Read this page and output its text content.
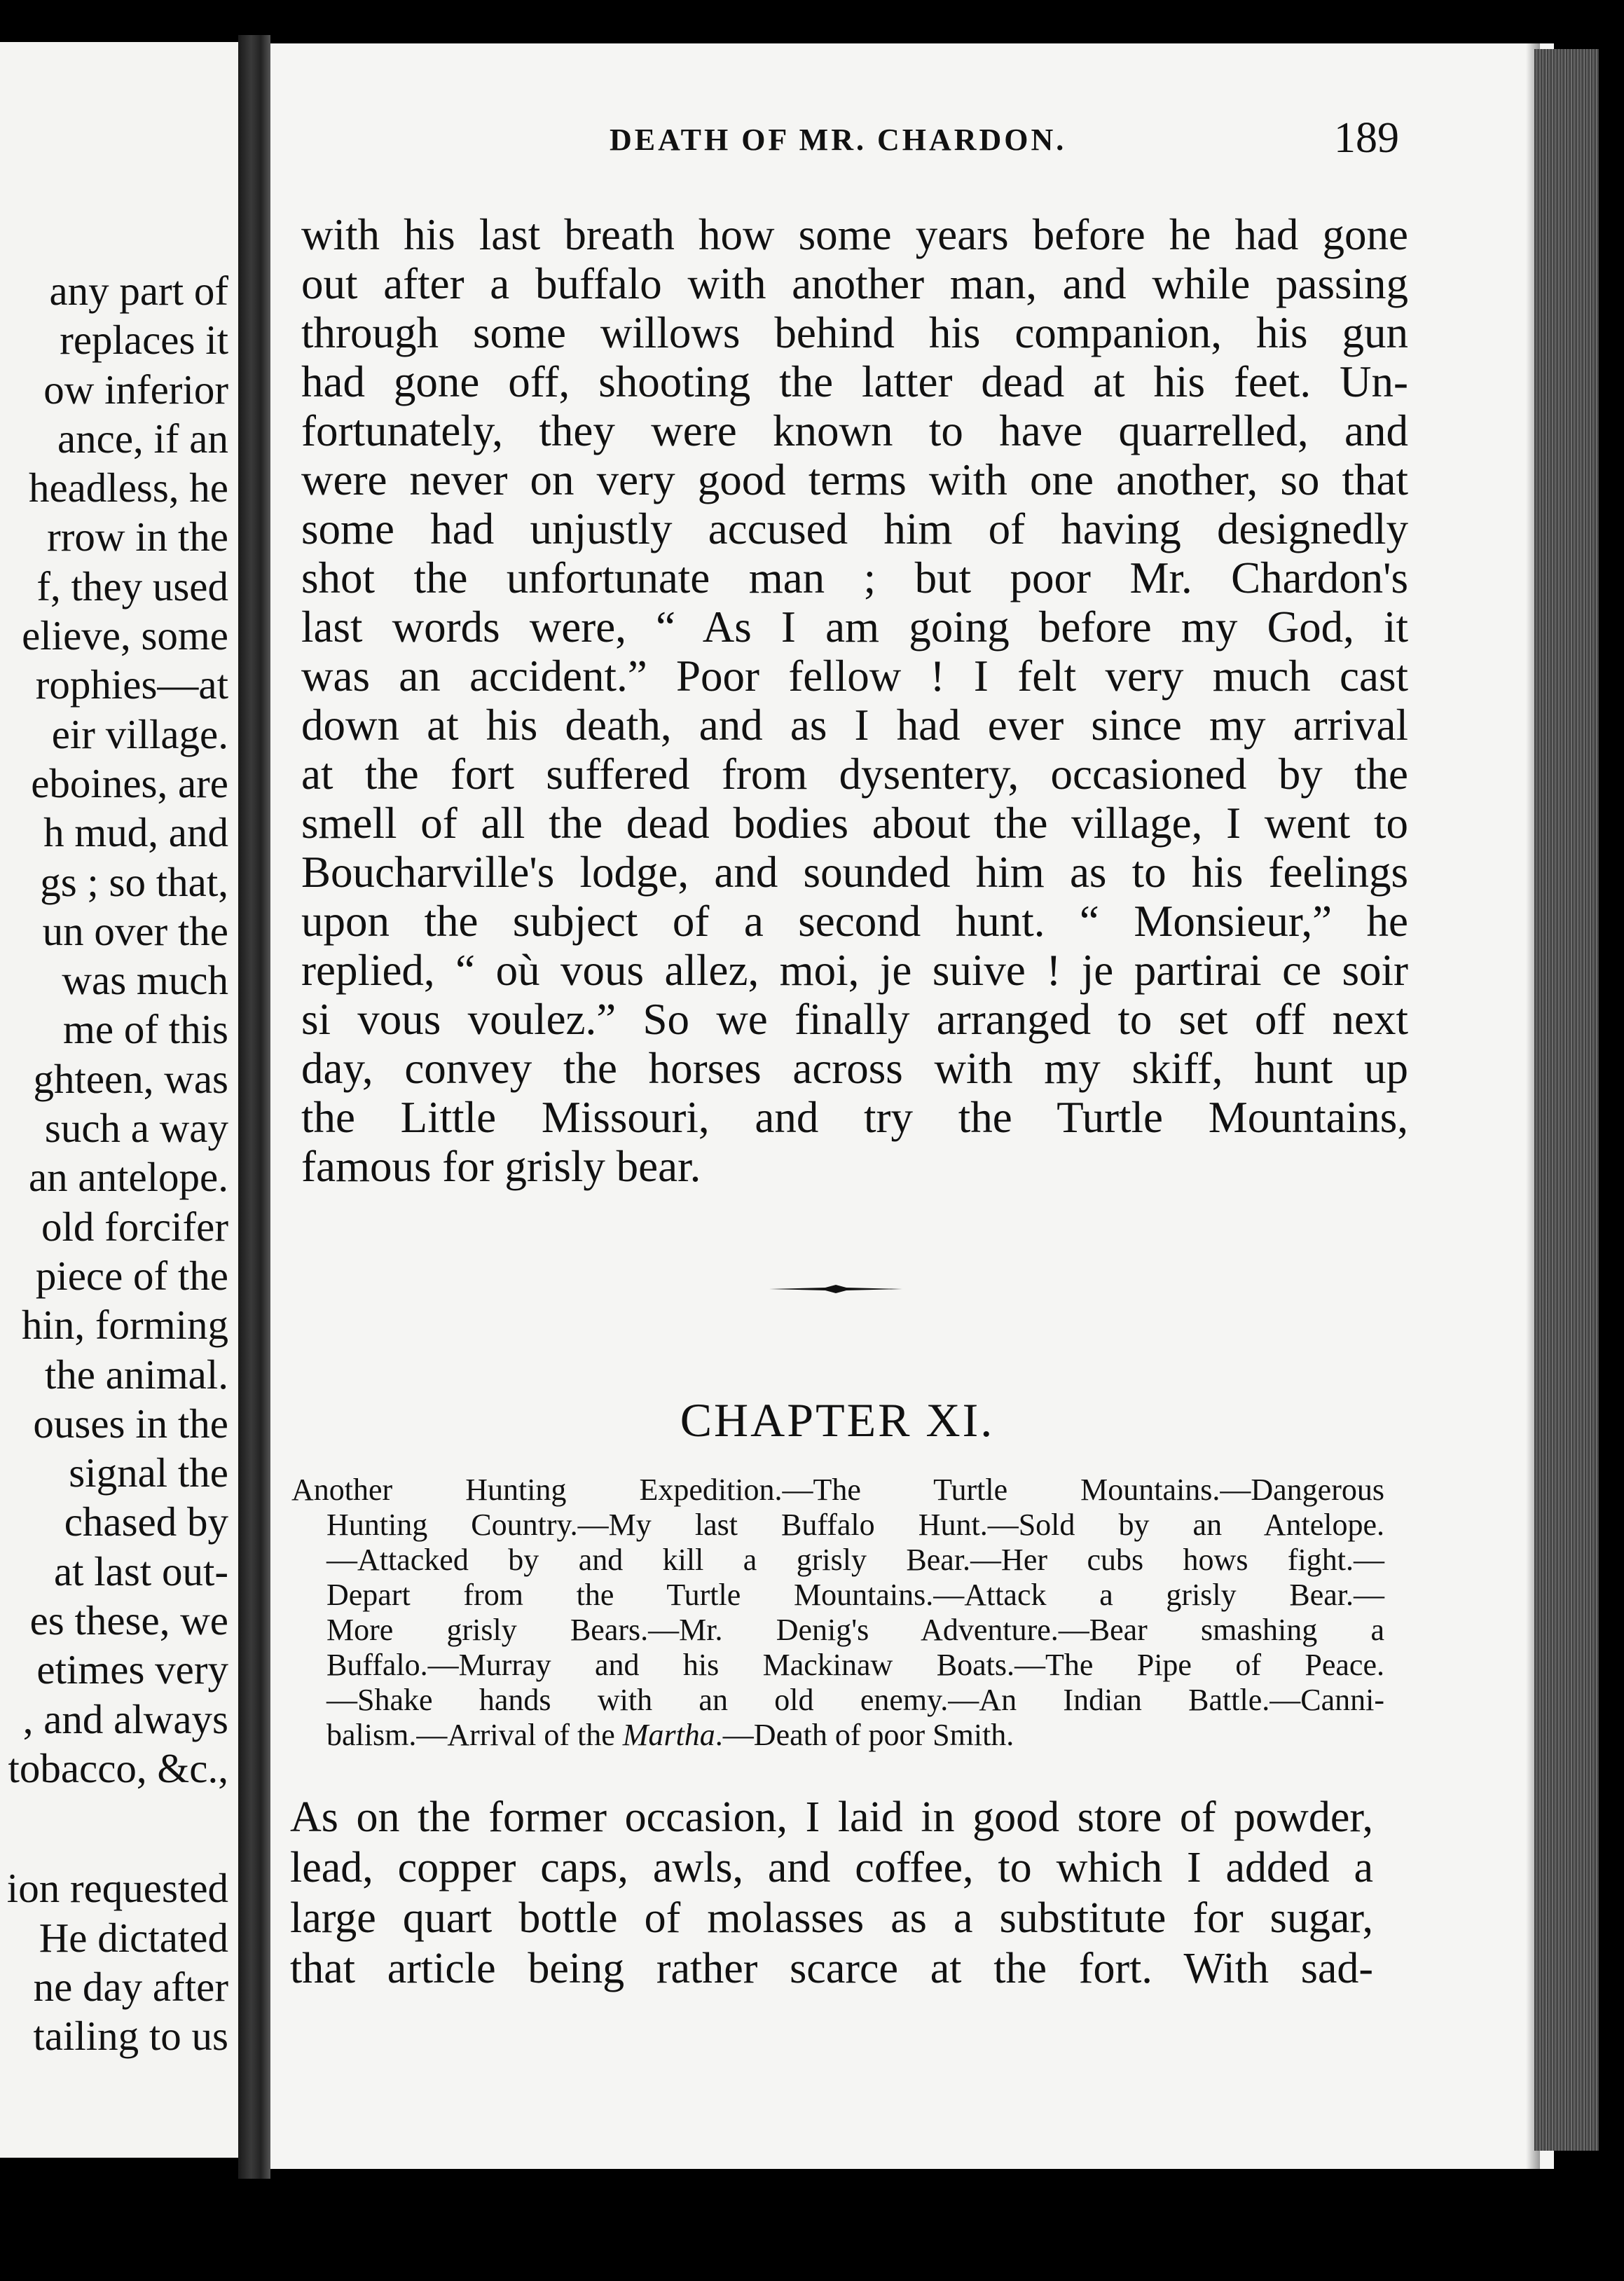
any part of
replaces it
ow inferior
ance, if an
headless, he
rrow in the
f, they used
elieve, some
rophies—at
eir village.
eboines, are
h mud, and
gs ; so that,
un over the
was much
me of this
ghteen, was
such a way
an antelope.
old forcifer
piece of the
hin, forming
the animal.
ouses in the
signal the
chased by
at last out-
es these, we
etimes very
, and always
tobacco, &c.,
ion requested
He dictated
ne day after
tailing to us
DEATH OF MR. CHARDON.	189
with his last breath how some years before he had gone
out after a buffalo with another man, and while passing
through some willows behind his companion, his gun
had gone off, shooting the latter dead at his feet. Un-
fortunately, they were known to have quarrelled, and
were never on very good terms with one another, so that
some had unjustly accused him of having designedly
shot the unfortunate man ; but poor Mr. Chardon's
last words were, “ As I am going before my God, it
was an accident.” Poor fellow ! I felt very much cast
down at his death, and as I had ever since my arrival
at the fort suffered from dysentery, occasioned by the
smell of all the dead bodies about the village, I went to
Boucharville's lodge, and sounded him as to his feelings
upon the subject of a second hunt. “ Monsieur,” he
replied, “ où vous allez, moi, je suive ! je partirai ce soir
si vous voulez.” So we finally arranged to set off next
day, convey the horses across with my skiff, hunt up
the Little Missouri, and try the Turtle Mountains,
famous for grisly bear.
CHAPTER XI.
Another Hunting Expedition.—The Turtle Mountains.—Dangerous
Hunting Country.—My last Buffalo Hunt.—Sold by an Antelope.
—Attacked by and kill a grisly Bear.—Her cubs hows fight.—
Depart from the Turtle Mountains.—Attack a grisly Bear.—
More grisly Bears.—Mr. Denig's Adventure.—Bear smashing a
Buffalo.—Murray and his Mackinaw Boats.—The Pipe of Peace.
—Shake hands with an old enemy.—An Indian Battle.—Canni-
balism.—Arrival of the Martha.—Death of poor Smith.
As on the former occasion, I laid in good store of powder,
lead, copper caps, awls, and coffee, to which I added a
large quart bottle of molasses as a substitute for sugar,
that article being rather scarce at the fort. With sad-
